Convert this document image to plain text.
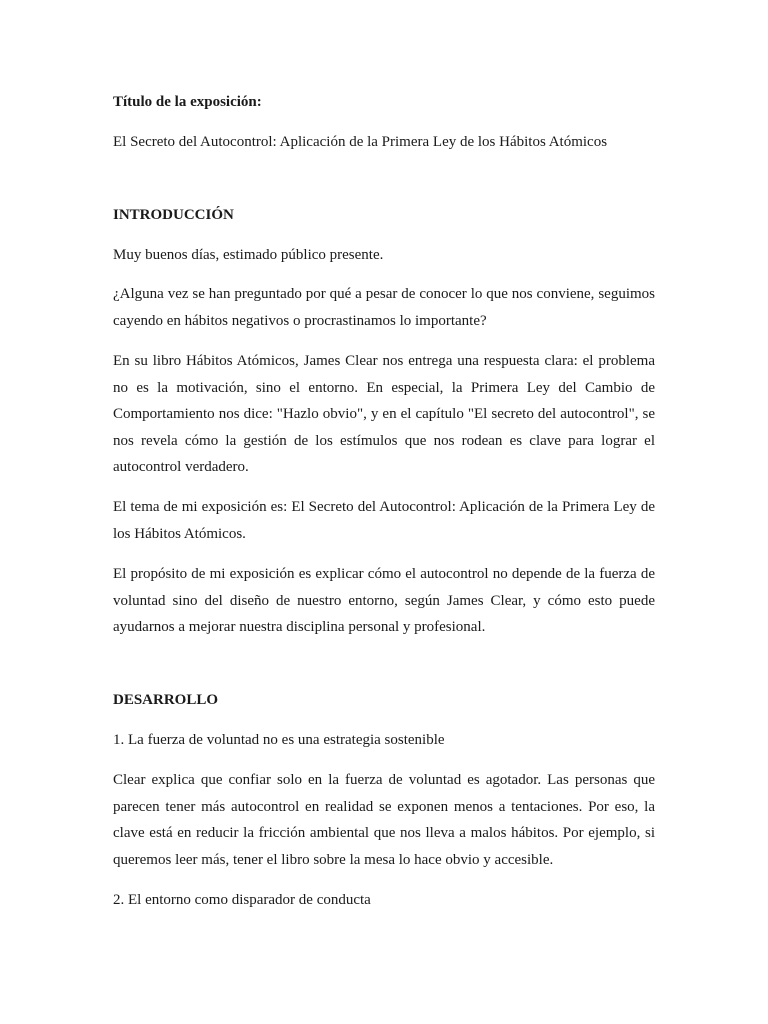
Título de la exposición:

El Secreto del Autocontrol: Aplicación de la Primera Ley de los Hábitos Atómicos

INTRODUCCIÓN

Muy buenos días, estimado público presente.

¿Alguna vez se han preguntado por qué a pesar de conocer lo que nos conviene, seguimos cayendo en hábitos negativos o procrastinamos lo importante?

En su libro Hábitos Atómicos, James Clear nos entrega una respuesta clara: el problema no es la motivación, sino el entorno. En especial, la Primera Ley del Cambio de Comportamiento nos dice: "Hazlo obvio", y en el capítulo "El secreto del autocontrol", se nos revela cómo la gestión de los estímulos que nos rodean es clave para lograr el autocontrol verdadero.

El tema de mi exposición es: El Secreto del Autocontrol: Aplicación de la Primera Ley de los Hábitos Atómicos.

El propósito de mi exposición es explicar cómo el autocontrol no depende de la fuerza de voluntad sino del diseño de nuestro entorno, según James Clear, y cómo esto puede ayudarnos a mejorar nuestra disciplina personal y profesional.

DESARROLLO

1. La fuerza de voluntad no es una estrategia sostenible

Clear explica que confiar solo en la fuerza de voluntad es agotador. Las personas que parecen tener más autocontrol en realidad se exponen menos a tentaciones. Por eso, la clave está en reducir la fricción ambiental que nos lleva a malos hábitos. Por ejemplo, si queremos leer más, tener el libro sobre la mesa lo hace obvio y accesible.

2. El entorno como disparador de conducta
